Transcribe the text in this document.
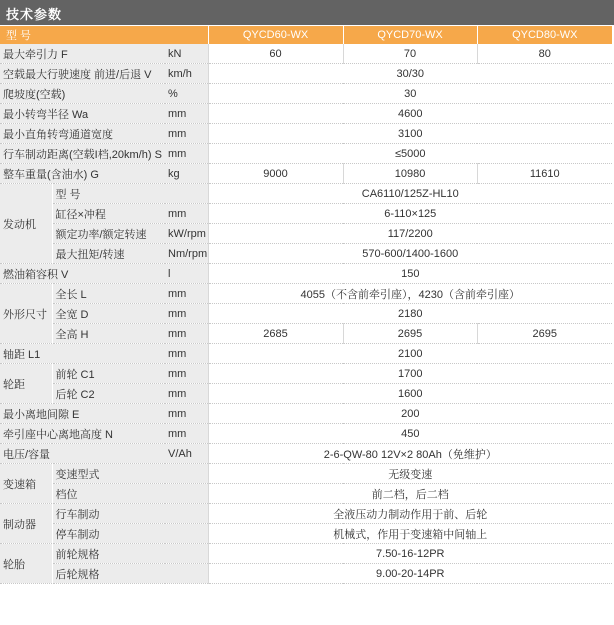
技术参数
型 号			QYCD60-WX	QYCD70-WX	QYCD80-WX
最大牵引力 F		kN	60	70	80
空载最大行驶速度 前进/后退 V		km/h	30/30		
爬坡度(空载)		%	30		
最小转弯半径 Wa		mm	4600		
最小直角转弯通道宽度		mm	3100		
行车制动距离(空载I档,20km/h) S		mm	≤5000		
整车重量(含油水) G		kg	9000	10980	11610
发动机	型 号		CA6110/125Z-HL10		
	缸径×冲程	mm	6-110×125		
	额定功率/额定转速	kW/rpm	117/2200		
	最大扭矩/转速	Nm/rpm	570-600/1400-1600		
燃油箱容积 V		l	150		
外形尺寸	全长 L	mm	4055（不含前牵引座），4230（含前牵引座）		
	全宽 D	mm	2180		
	全高 H	mm	2685	2695	2695
轴距 L1		mm	2100		
轮距	前轮 C1	mm	1700		
	后轮 C2	mm	1600		
最小离地间隙 E		mm	200		
牵引座中心离地高度 N		mm	450		
电压/容量		V/Ah	2-6-QW-80 12V×2 80Ah（免维护）		
变速箱	变速型式		无级变速		
	档位		前二档，后二档		
制动器	行车制动		全液压动力制动作用于前、后轮		
	停车制动		机械式，作用于变速箱中间轴上		
轮胎	前轮规格		7.50-16-12PR		
	后轮规格		9.00-20-14PR		
